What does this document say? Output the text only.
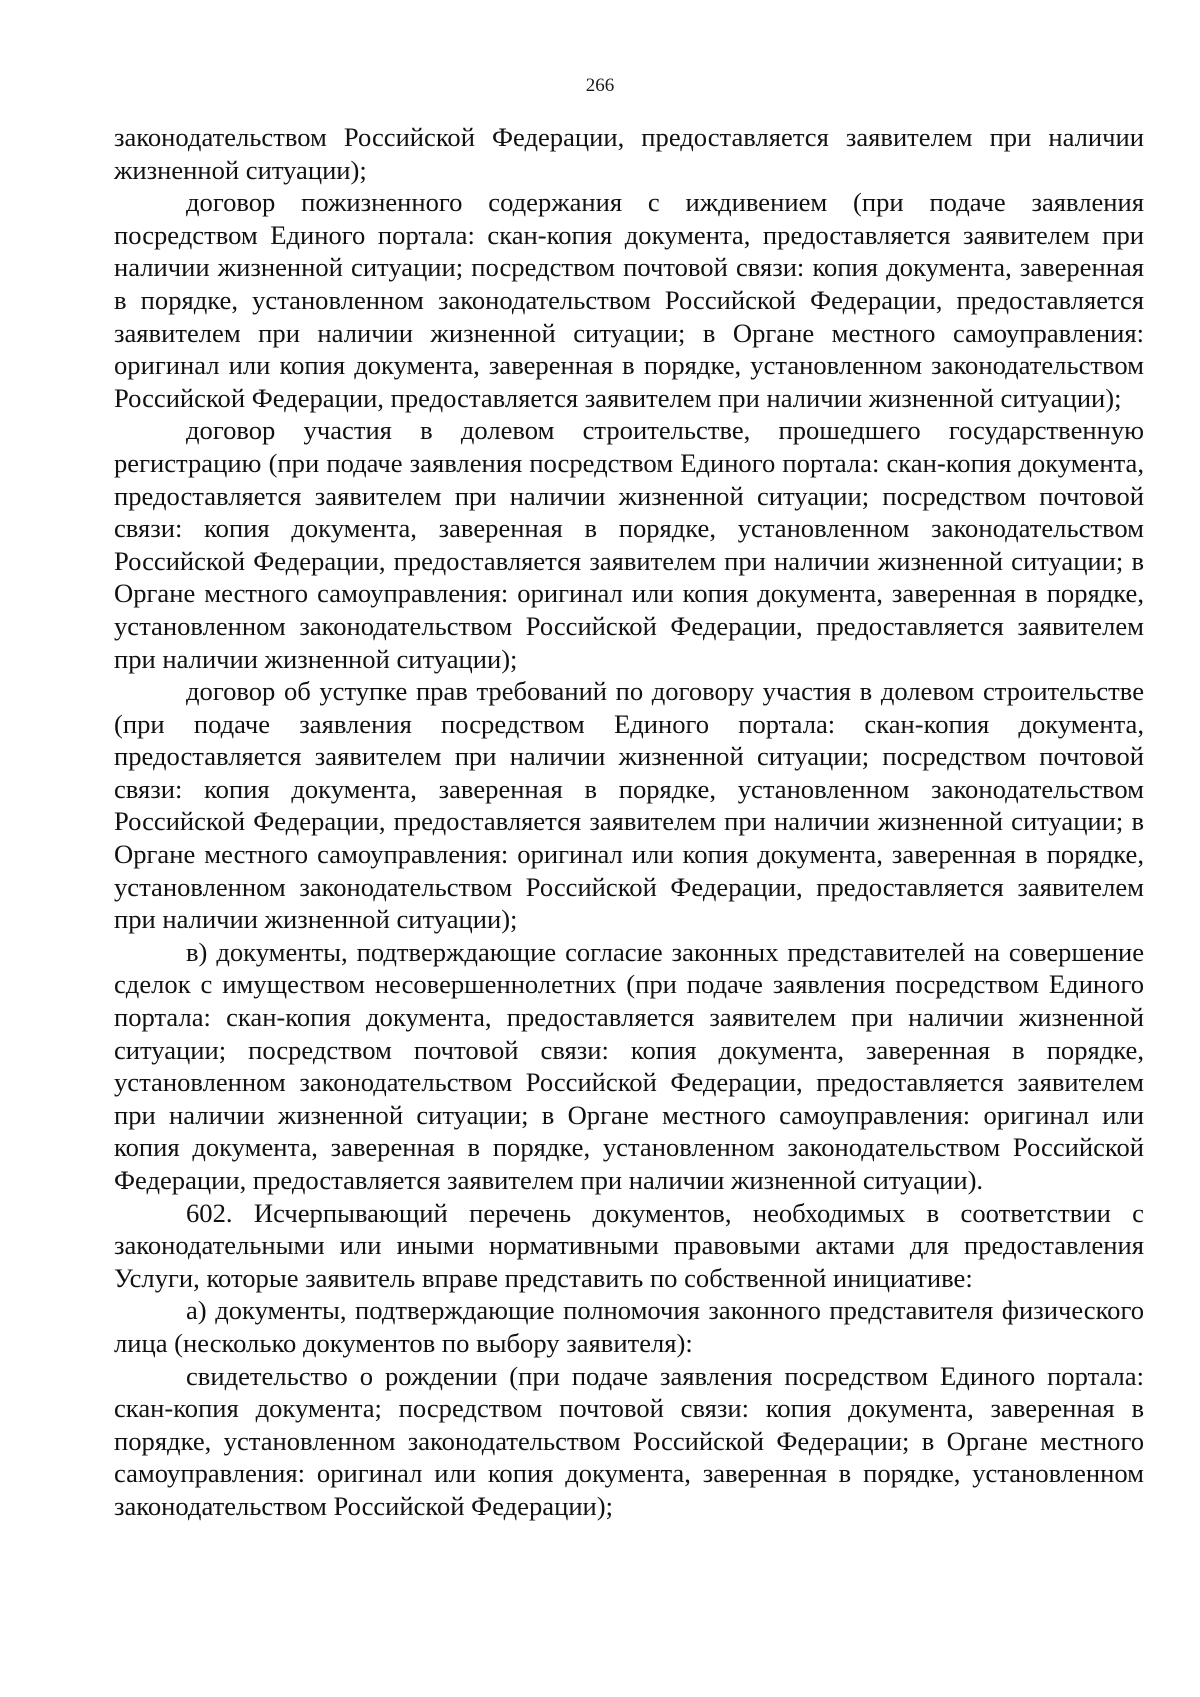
266

законодательством Российской Федерации, предоставляется заявителем при наличии жизненной ситуации);

договор пожизненного содержания с иждивением (при подаче заявления посредством Единого портала: скан-копия документа, предоставляется заявителем при наличии жизненной ситуации; посредством почтовой связи: копия документа, заверенная в порядке, установленном законодательством Российской Федерации, предоставляется заявителем при наличии жизненной ситуации; в Органе местного самоуправления: оригинал или копия документа, заверенная в порядке, установленном законодательством Российской Федерации, предоставляется заявителем при наличии жизненной ситуации);

договор участия в долевом строительстве, прошедшего государственную регистрацию (при подаче заявления посредством Единого портала: скан-копия документа, предоставляется заявителем при наличии жизненной ситуации; посредством почтовой связи: копия документа, заверенная в порядке, установленном законодательством Российской Федерации, предоставляется заявителем при наличии жизненной ситуации; в Органе местного самоуправления: оригинал или копия документа, заверенная в порядке, установленном законодательством Российской Федерации, предоставляется заявителем при наличии жизненной ситуации);

договор об уступке прав требований по договору участия в долевом строительстве (при подаче заявления посредством Единого портала: скан-копия документа, предоставляется заявителем при наличии жизненной ситуации; посредством почтовой связи: копия документа, заверенная в порядке, установленном законодательством Российской Федерации, предоставляется заявителем при наличии жизненной ситуации; в Органе местного самоуправления: оригинал или копия документа, заверенная в порядке, установленном законодательством Российской Федерации, предоставляется заявителем при наличии жизненной ситуации);

в) документы, подтверждающие согласие законных представителей на совершение сделок с имуществом несовершеннолетних (при подаче заявления посредством Единого портала: скан-копия документа, предоставляется заявителем при наличии жизненной ситуации; посредством почтовой связи: копия документа, заверенная в порядке, установленном законодательством Российской Федерации, предоставляется заявителем при наличии жизненной ситуации; в Органе местного самоуправления: оригинал или копия документа, заверенная в порядке, установленном законодательством Российской Федерации, предоставляется заявителем при наличии жизненной ситуации).

602. Исчерпывающий перечень документов, необходимых в соответствии с законодательными или иными нормативными правовыми актами для предоставления Услуги, которые заявитель вправе представить по собственной инициативе:

а) документы, подтверждающие полномочия законного представителя физического лица (несколько документов по выбору заявителя):

свидетельство о рождении (при подаче заявления посредством Единого портала: скан-копия документа; посредством почтовой связи: копия документа, заверенная в порядке, установленном законодательством Российской Федерации; в Органе местного самоуправления: оригинал или копия документа, заверенная в порядке, установленном законодательством Российской Федерации);
